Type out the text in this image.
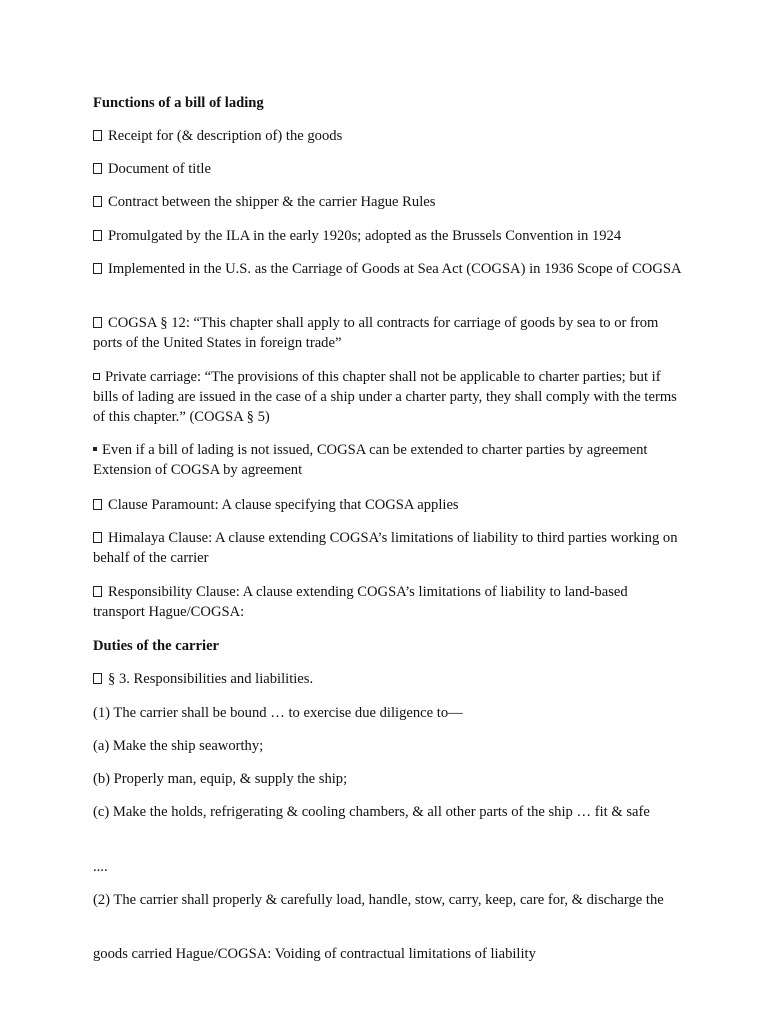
Functions of a bill of lading
Receipt for (& description of) the goods
Document of title
Contract between the shipper & the carrier Hague Rules
Promulgated by the ILA in the early 1920s; adopted as the Brussels Convention in 1924
Implemented in the U.S. as the Carriage of Goods at Sea Act (COGSA) in 1936 Scope of COGSA
COGSA § 12: “This chapter shall apply to all contracts for carriage of goods by sea to or from ports of the United States in foreign trade”
Private carriage: “The provisions of this chapter shall not be applicable to charter parties; but if bills of lading are issued in the case of a ship under a charter party, they shall comply with the terms of this chapter.” (COGSA § 5)
Even if a bill of lading is not issued, COGSA can be extended to charter parties by agreement Extension of COGSA by agreement
Clause Paramount: A clause specifying that COGSA applies
Himalaya Clause: A clause extending COGSA’s limitations of liability to third parties working on behalf of the carrier
Responsibility Clause: A clause extending COGSA’s limitations of liability to land-based transport Hague/COGSA:
Duties of the carrier
§ 3. Responsibilities and liabilities.
(1) The carrier shall be bound … to exercise due diligence to—
(a) Make the ship seaworthy;
(b) Properly man, equip, & supply the ship;
(c) Make the holds, refrigerating & cooling chambers, & all other parts of the ship … fit & safe
....
(2) The carrier shall properly & carefully load, handle, stow, carry, keep, care for, & discharge the
goods carried Hague/COGSA: Voiding of contractual limitations of liability
